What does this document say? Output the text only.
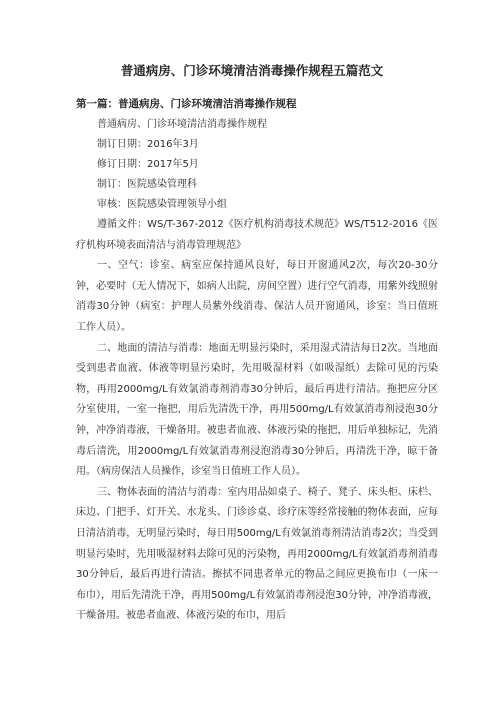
普通病房、门诊环境清洁消毒操作规程五篇范文
第一篇：普通病房、门诊环境清洁消毒操作规程

普通病房、门诊环境清洁消毒操作规程

制订日期：2016年3月

修订日期：2017年5月

制订：医院感染管理科

审核：医院感染管理领导小组

遵循文件：WS/T-367-2012《医疗机构消毒技术规范》WS/T512-2016《医疗机构环境表面清洁与消毒管理规范》

一、空气：诊室、病室应保持通风良好，每日开窗通风2次，每次20-30分钟，必要时（无人情况下，如病人出院，房间空置）进行空气消毒，用紫外线照射消毒30分钟（病室：护理人员紫外线消毒、保洁人员开窗通风，诊室：当日值班工作人员）。

二、地面的清洁与消毒：地面无明显污染时，采用湿式清洁每日2次。当地面受到患者血液、体液等明显污染时，先用吸湿材料（如吸湿纸）去除可见的污染物，再用2000mg/L有效氯消毒剂消毒30分钟后，最后再进行清洁。拖把应分区分室使用，一室一拖把，用后先清洗干净，再用500mg/L有效氯消毒剂浸泡30分钟，冲净消毒液，干燥备用。被患者血液、体液污染的拖把，用后单独标记，先消毒后清洗，用2000mg/L有效氯消毒剂浸泡消毒30分钟后，再清洗干净，晾干备用。（病房保洁人员操作，诊室当日值班工作人员）。

三、物体表面的清洁与消毒：室内用品如桌子、椅子、凳子、床头柜、床栏、床边、门把手、灯开关、水龙头、门诊诊桌、诊疗床等经常接触的物体表面，应每日清洁消毒，无明显污染时，每日用500mg/L有效氯消毒剂清洁消毒2次；当受到明显污染时，先用吸湿材料去除可见的污染物，再用2000mg/L有效氯消毒剂消毒30分钟后，最后再进行清洁。擦拭不同患者单元的物品之间应更换布巾（一床一布巾），用后先清洗干净，再用500mg/L有效氯消毒剂浸泡30分钟，冲净消毒液，干燥备用。被患者血液、体液污染的布巾，用后
